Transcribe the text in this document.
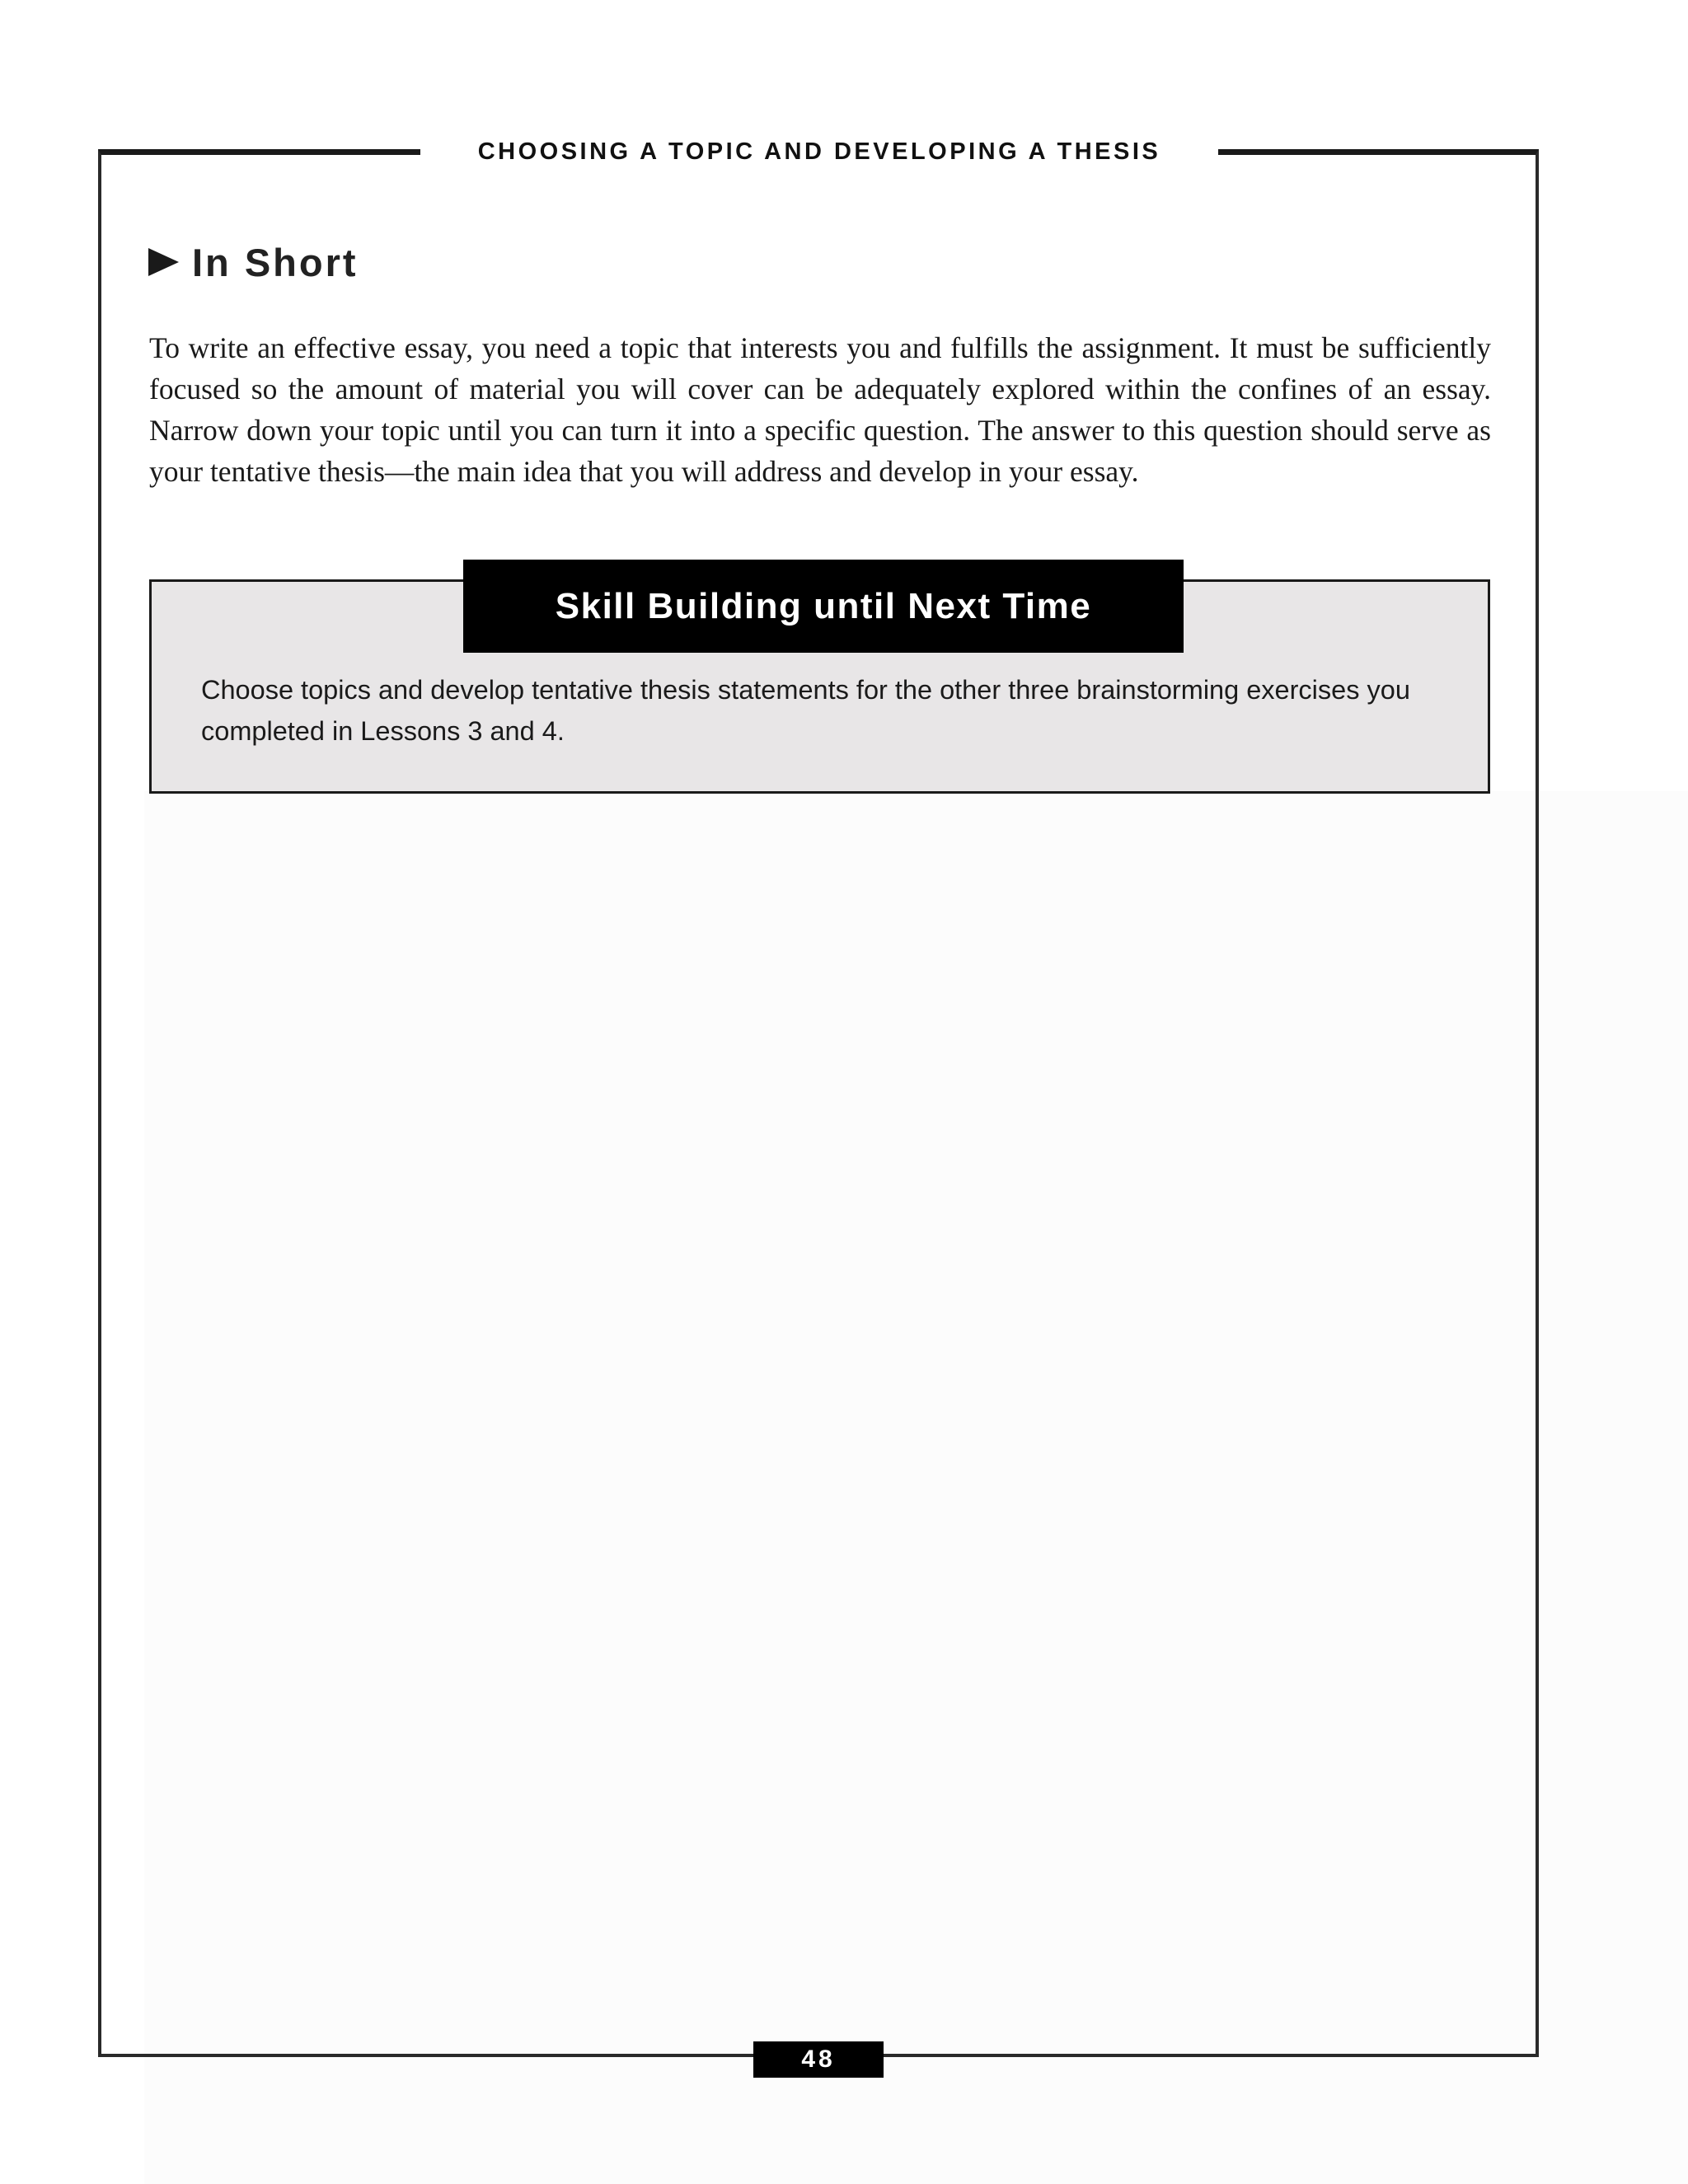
CHOOSING A TOPIC AND DEVELOPING A THESIS
In Short

To write an effective essay, you need a topic that interests you and fulfills the assignment. It must be sufficiently focused so the amount of material you will cover can be adequately explored within the confines of an essay. Narrow down your topic until you can turn it into a specific question. The answer to this question should serve as your tentative thesis—the main idea that you will address and develop in your essay.

Skill Building until Next Time

Choose topics and develop tentative thesis statements for the other three brainstorming exercises you completed in Lessons 3 and 4.

48
